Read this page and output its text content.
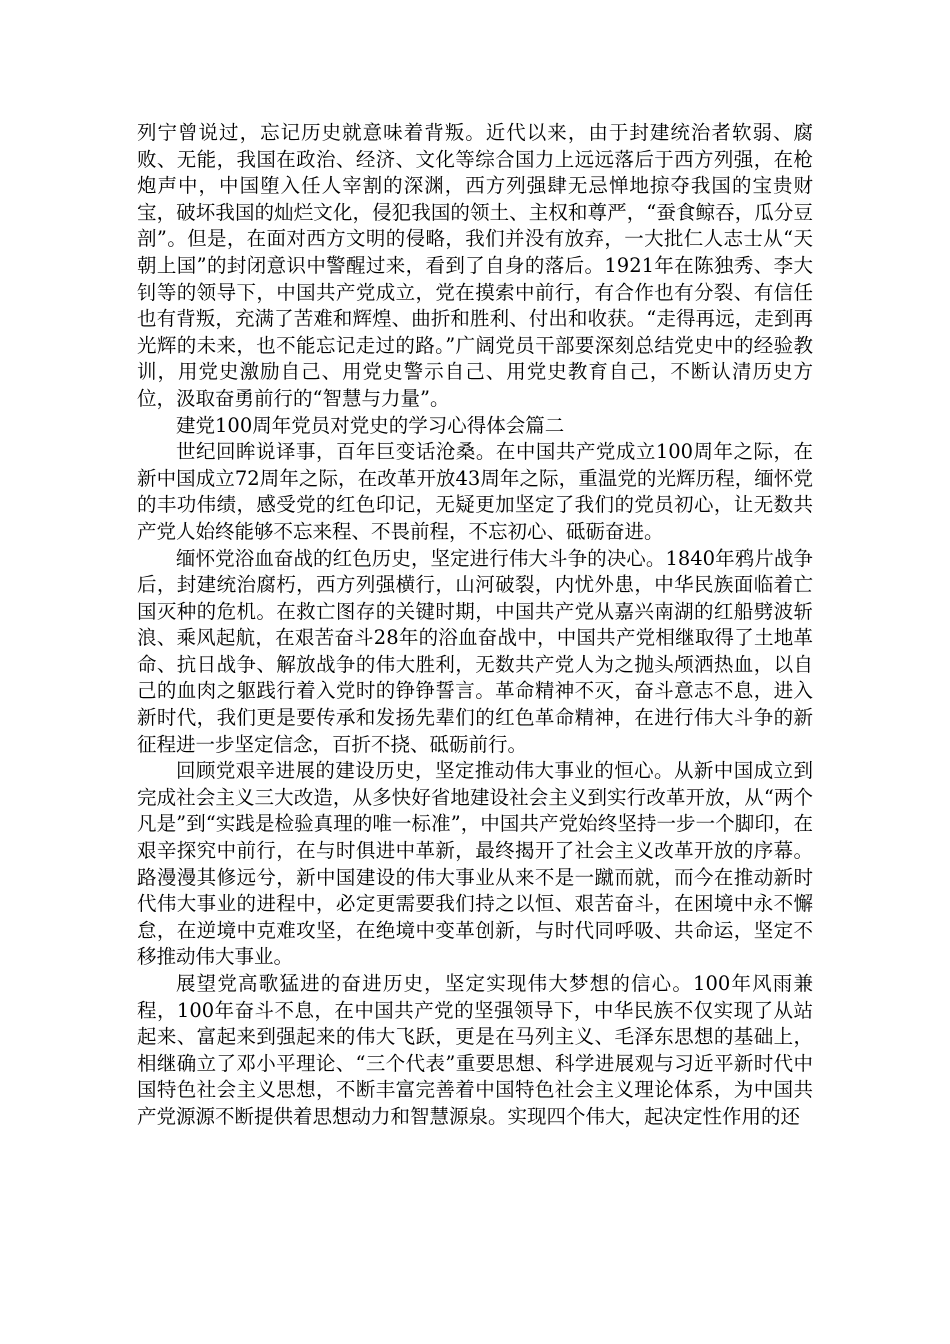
列宁曾说过，忘记历史就意味着背叛。近代以来，由于封建统治者软弱、腐败、无能，我国在政治、经济、文化等综合国力上远远落后于西方列强，在枪炮声中，中国堕入任人宰割的深渊，西方列强肆无忌惮地掠夺我国的宝贵财宝，破坏我国的灿烂文化，侵犯我国的领土、主权和尊严，“蚕食鲸吞，瓜分豆剖”。但是，在面对西方文明的侵略，我们并没有放弃，一大批仁人志士从“天朝上国”的封闭意识中警醒过来，看到了自身的落后。1921年在陈独秀、李大钊等的领导下，中国共产党成立，党在摸索中前行，有合作也有分裂、有信任也有背叛，充满了苦难和辉煌、曲折和胜利、付出和收获。“走得再远，走到再光辉的未来，也不能忘记走过的路。”广阔党员干部要深刻总结党史中的经验教训，用党史激励自己、用党史警示自己、用党史教育自己，不断认清历史方位，汲取奋勇前行的“智慧与力量”。

建党100周年党员对党史的学习心得体会篇二

世纪回眸说译事，百年巨变话沧桑。在中国共产党成立100周年之际，在新中国成立72周年之际，在改革开放43周年之际，重温党的光辉历程，缅怀党的丰功伟绩，感受党的红色印记，无疑更加坚定了我们的党员初心，让无数共产党人始终能够不忘来程、不畏前程，不忘初心、砥砺奋进。

缅怀党浴血奋战的红色历史，坚定进行伟大斗争的决心。1840年鸦片战争后，封建统治腐朽，西方列强横行，山河破裂，内忧外患，中华民族面临着亡国灭种的危机。在救亡图存的关键时期，中国共产党从嘉兴南湖的红船劈波斩浪、乘风起航，在艰苦奋斗28年的浴血奋战中，中国共产党相继取得了土地革命、抗日战争、解放战争的伟大胜利，无数共产党人为之抛头颅洒热血，以自己的血肉之躯践行着入党时的铮铮誓言。革命精神不灭，奋斗意志不息，进入新时代，我们更是要传承和发扬先辈们的红色革命精神，在进行伟大斗争的新征程进一步坚定信念，百折不挠、砥砺前行。

回顾党艰辛进展的建设历史，坚定推动伟大事业的恒心。从新中国成立到完成社会主义三大改造，从多快好省地建设社会主义到实行改革开放，从“两个凡是”到“实践是检验真理的唯一标准”，中国共产党始终坚持一步一个脚印，在艰辛探究中前行，在与时俱进中革新，最终揭开了社会主义改革开放的序幕。路漫漫其修远兮，新中国建设的伟大事业从来不是一蹴而就，而今在推动新时代伟大事业的进程中，必定更需要我们持之以恒、艰苦奋斗，在困境中永不懈怠，在逆境中克难攻坚，在绝境中变革创新，与时代同呼吸、共命运，坚定不移推动伟大事业。

展望党高歌猛进的奋进历史，坚定实现伟大梦想的信心。100年风雨兼程，100年奋斗不息，在中国共产党的坚强领导下，中华民族不仅实现了从站起来、富起来到强起来的伟大飞跃，更是在马列主义、毛泽东思想的基础上，相继确立了邓小平理论、“三个代表”重要思想、科学进展观与习近平新时代中国特色社会主义思想，不断丰富完善着中国特色社会主义理论体系，为中国共产党源源不断提供着思想动力和智慧源泉。实现四个伟大，起决定性作用的还
